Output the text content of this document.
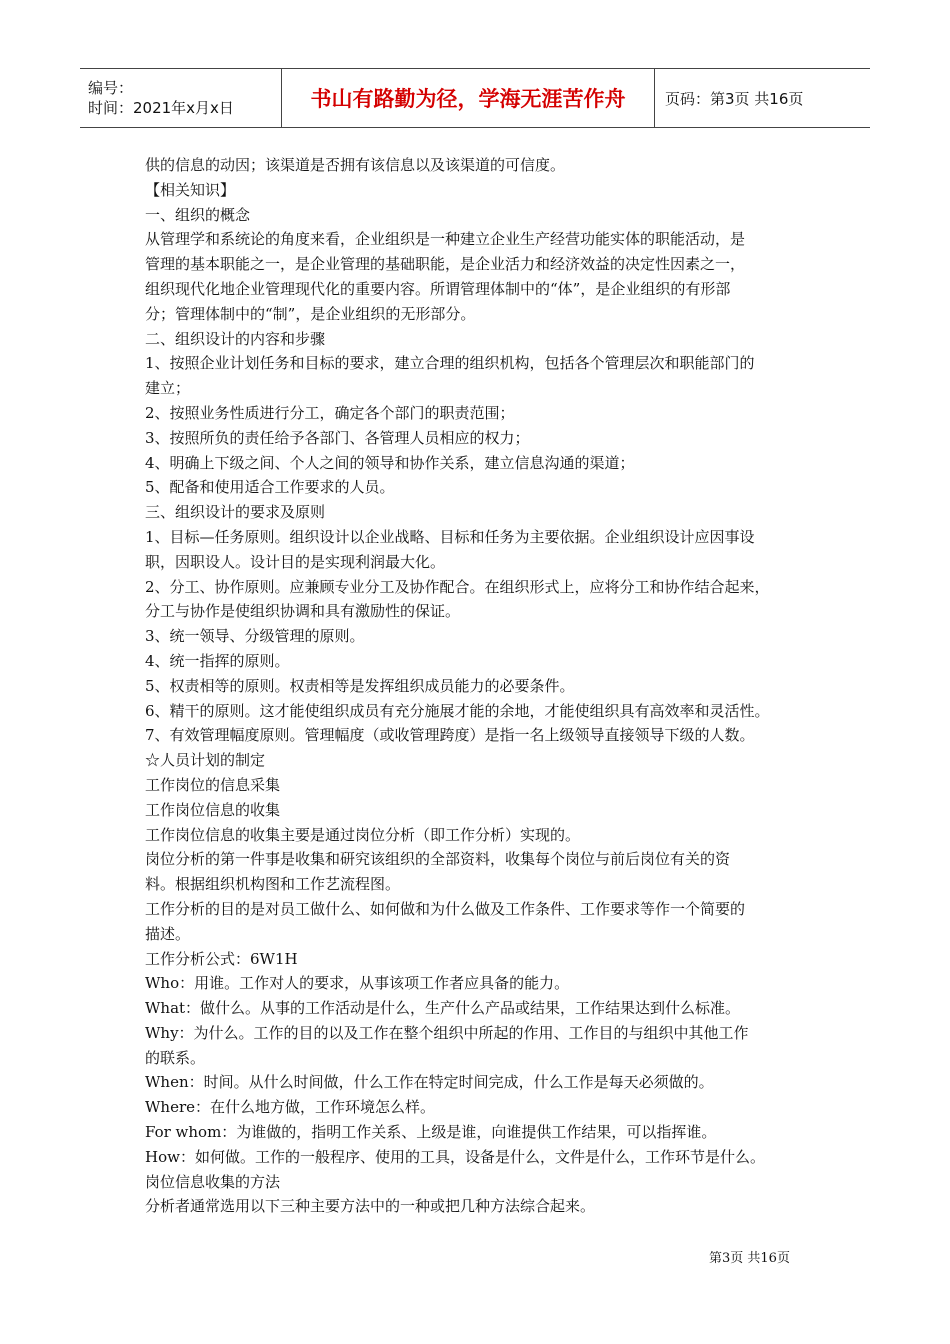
编号：
时间：2021年x月x日	书山有路勤为径，学海无涯苦作舟	页码：第3页 共16页
供的信息的动因；该渠道是否拥有该信息以及该渠道的可信度。
【相关知识】
一、组织的概念
从管理学和系统论的角度来看，企业组织是一种建立企业生产经营功能实体的职能活动，是
管理的基本职能之一，是企业管理的基础职能，是企业活力和经济效益的决定性因素之一，
组织现代化地企业管理现代化的重要内容。所谓管理体制中的“体”，是企业组织的有形部
分；管理体制中的“制”，是企业组织的无形部分。
二、组织设计的内容和步骤
1、按照企业计划任务和目标的要求，建立合理的组织机构，包括各个管理层次和职能部门的
建立；
2、按照业务性质进行分工，确定各个部门的职责范围；
3、按照所负的责任给予各部门、各管理人员相应的权力；
4、明确上下级之间、个人之间的领导和协作关系，建立信息沟通的渠道；
5、配备和使用适合工作要求的人员。
三、组织设计的要求及原则
1、目标—任务原则。组织设计以企业战略、目标和任务为主要依据。企业组织设计应因事设
职，因职设人。设计目的是实现利润最大化。
2、分工、协作原则。应兼顾专业分工及协作配合。在组织形式上，应将分工和协作结合起来，
分工与协作是使组织协调和具有激励性的保证。
3、统一领导、分级管理的原则。
4、统一指挥的原则。
5、权责相等的原则。权责相等是发挥组织成员能力的必要条件。
6、精干的原则。这才能使组织成员有充分施展才能的余地，才能使组织具有高效率和灵活性。
7、有效管理幅度原则。管理幅度（或收管理跨度）是指一名上级领导直接领导下级的人数。
☆人员计划的制定
工作岗位的信息采集
工作岗位信息的收集
工作岗位信息的收集主要是通过岗位分析（即工作分析）实现的。
岗位分析的第一件事是收集和研究该组织的全部资料，收集每个岗位与前后岗位有关的资
料。根据组织机构图和工作艺流程图。
工作分析的目的是对员工做什么、如何做和为什么做及工作条件、工作要求等作一个简要的
描述。
工作分析公式：6W1H
Who：用谁。工作对人的要求，从事该项工作者应具备的能力。
What：做什么。从事的工作活动是什么，生产什么产品或结果，工作结果达到什么标准。
Why：为什么。工作的目的以及工作在整个组织中所起的作用、工作目的与组织中其他工作
的联系。
When：时间。从什么时间做，什么工作在特定时间完成，什么工作是每天必须做的。
Where：在什么地方做，工作环境怎么样。
For whom：为谁做的，指明工作关系、上级是谁，向谁提供工作结果，可以指挥谁。
How：如何做。工作的一般程序、使用的工具，设备是什么，文件是什么，工作环节是什么。
岗位信息收集的方法
分析者通常选用以下三种主要方法中的一种或把几种方法综合起来。
第3页 共16页
